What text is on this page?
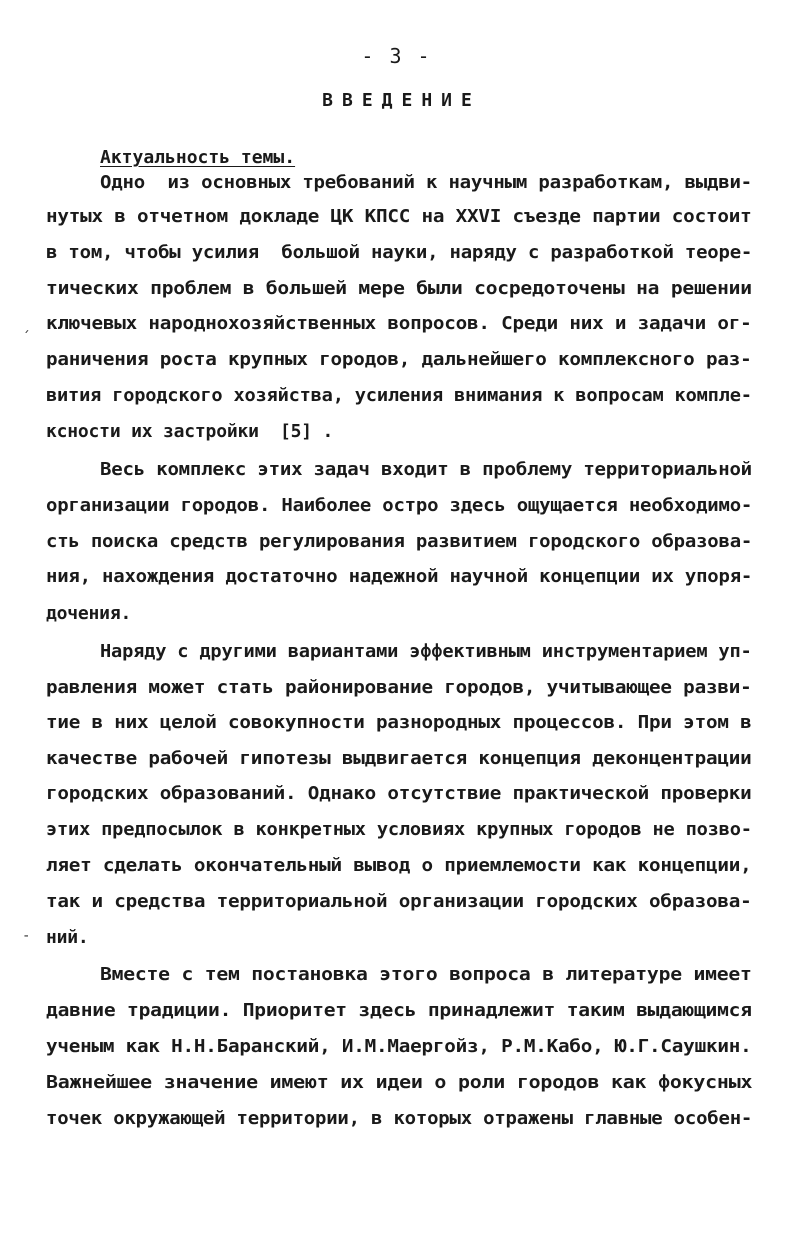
- 3 -
ВВЕДЕНИЕ
Актуальность темы.
Одно  из основных требований к научным разработкам, выдви-
нутых в отчетном докладе ЦК КПСС на XXVI съезде партии состоит
в том, чтобы усилия  большой науки, наряду с разработкой теоре-
тических проблем в большей мере были сосредоточены на решении
ключевых народнохозяйственных вопросов. Среди них и задачи ог-
раничения роста крупных городов, дальнейшего комплексного раз-
вития городского хозяйства, усиления внимания к вопросам компле-
ксности их застройки  [5] .
Весь комплекс этих задач входит в проблему территориальной
организации городов. Наиболее остро здесь ощущается необходимо-
сть поиска средств регулирования развитием городского образова-
ния, нахождения достаточно надежной научной концепции их упоря-
дочения.
Наряду с другими вариантами эффективным инструментарием уп-
равления может стать районирование городов, учитывающее разви-
тие в них целой совокупности разнородных процессов. При этом в
качестве рабочей гипотезы выдвигается концепция деконцентрации
городских образований. Однако отсутствие практической проверки
этих предпосылок в конкретных условиях крупных городов не позво-
ляет сделать окончательный вывод о приемлемости как концепции,
так и средства территориальной организации городских образова-
ний.
Вместе с тем постановка этого вопроса в литературе имеет
давние традиции. Приоритет здесь принадлежит таким выдающимся
ученым как Н.Н.Баранский, И.М.Маергойз, Р.М.Кабо, Ю.Г.Саушкин.
Важнейшее значение имеют их идеи о роли городов как фокусных
точек окружающей территории, в которых отражены главные особен-
´
-
